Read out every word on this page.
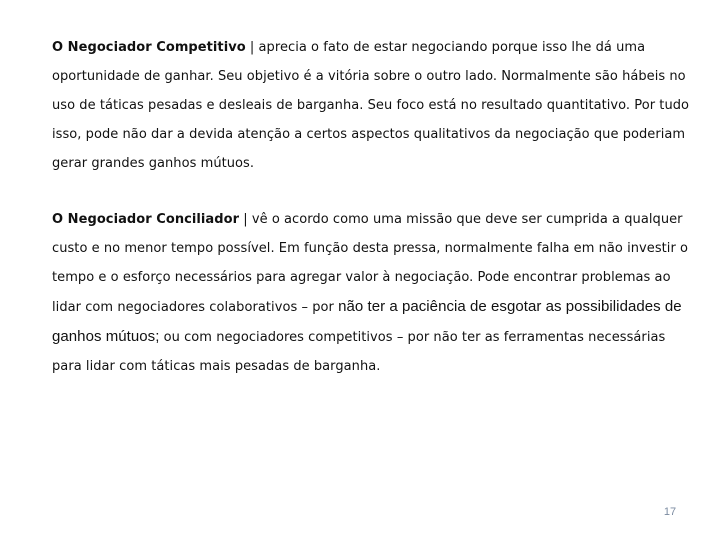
O Negociador Competitivo | aprecia o fato de estar negociando porque isso lhe dá uma oportunidade de ganhar. Seu objetivo é a vitória sobre o outro lado. Normalmente são hábeis no uso de táticas pesadas e desleais de barganha. Seu foco está no resultado quantitativo. Por tudo isso, pode não dar a devida atenção a certos aspectos qualitativos da negociação que poderiam gerar grandes ganhos mútuos.

O Negociador Conciliador | vê o acordo como uma missão que deve ser cumprida a qualquer custo e no menor tempo possível. Em função desta pressa, normalmente falha em não investir o tempo e o esforço necessários para agregar valor à negociação. Pode encontrar problemas ao lidar com negociadores colaborativos – por não ter a paciência de esgotar as possibilidades de ganhos mútuos; ou com negociadores competitivos – por não ter as ferramentas necessárias para lidar com táticas mais pesadas de barganha.

17
